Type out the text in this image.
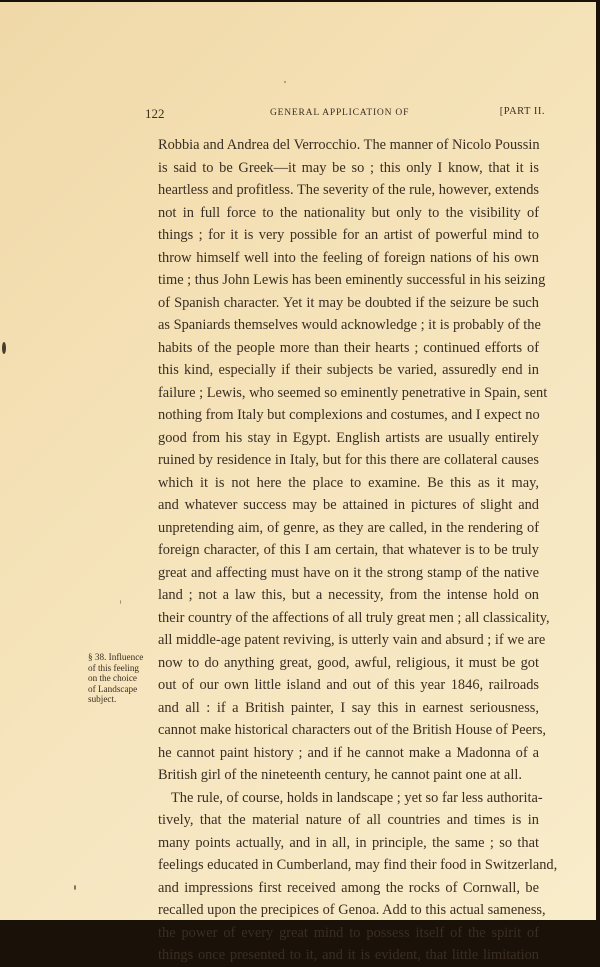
122	GENERAL APPLICATION OF	[PART II.
Robbia and Andrea del Verrocchio. The manner of Nicolo Poussin
is said to be Greek—it may be so ; this only I know, that it is
heartless and profitless. The severity of the rule, however, extends
not in full force to the nationality but only to the visibility of
things ; for it is very possible for an artist of powerful mind to
throw himself well into the feeling of foreign nations of his own
time ; thus John Lewis has been eminently successful in his seizing
of Spanish character. Yet it may be doubted if the seizure be such
as Spaniards themselves would acknowledge ; it is probably of the
habits of the people more than their hearts ; continued efforts of
this kind, especially if their subjects be varied, assuredly end in
failure ; Lewis, who seemed so eminently penetrative in Spain, sent
nothing from Italy but complexions and costumes, and I expect no
good from his stay in Egypt. English artists are usually entirely
ruined by residence in Italy, but for this there are collateral causes
which it is not here the place to examine. Be this as it may,
and whatever success may be attained in pictures of slight and
unpretending aim, of genre, as they are called, in the rendering of
foreign character, of this I am certain, that whatever is to be truly
great and affecting must have on it the strong stamp of the native
land ; not a law this, but a necessity, from the intense hold on
their country of the affections of all truly great men ; all classicality,
all middle-age patent reviving, is utterly vain and absurd ; if we are
now to do anything great, good, awful, religious, it must be got
out of our own little island and out of this year 1846, railroads
and all : if a British painter, I say this in earnest seriousness,
cannot make historical characters out of the British House of Peers,
he cannot paint history ; and if he cannot make a Madonna of a
British girl of the nineteenth century, he cannot paint one at all.
The rule, of course, holds in landscape ; yet so far less authorita-
tively, that the material nature of all countries and times is in
many points actually, and in all, in principle, the same ; so that
feelings educated in Cumberland, may find their food in Switzerland,
and impressions first received among the rocks of Cornwall, be
recalled upon the precipices of Genoa. Add to this actual sameness,
the power of every great mind to possess itself of the spirit of
things once presented to it, and it is evident, that little limitation
§ 38. Influence
of this feeling
on the choice
of Landscape
subject.
